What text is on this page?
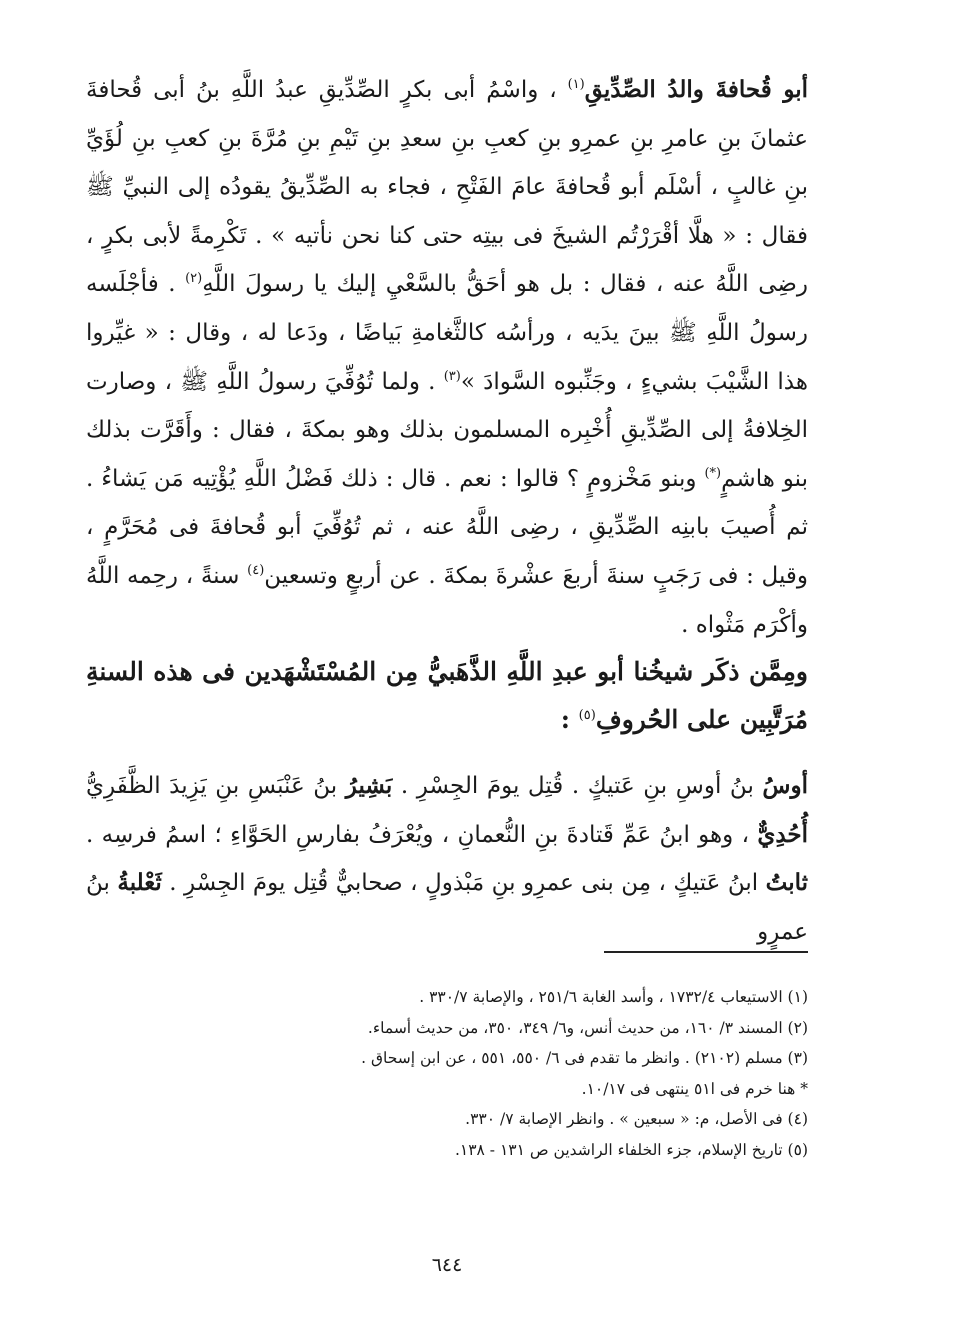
أبو قُحافةَ والدُ الصِّدِّيقِ$^{(١)}$ ، واسْمُ أبى بكرٍ الصِّدِّيقِ عبدُ اللَّهِ بنُ أبى قُحافةَ عثمانَ بنِ عامرِ بنِ عمرِو بنِ كعبِ بنِ سعدِ بنِ تَيْمِ بنِ مُرَّةَ بنِ كعبِ بنِ لُؤَيِّ بنِ غالبٍ ، أسْلَم أبو قُحافةَ عامَ الفَتْحِ ، فجاء به الصِّدِّيقُ يقودُه إلى النبيِّ ﷺ فقال : « هلَّا أقْرَرْتُم الشيخَ فى بيتِه حتى كنا نحن نأتيه » . تَكْرِمةً لأبى بكرٍ ، رضِى اللَّهُ عنه ، فقال : بل هو أحَقُّ بالسَّعْيِ إليك يا رسولَ اللَّهِ$^{(٢)}$ . فأجْلَسه رسولُ اللَّهِ ﷺ بينَ يدَيه ، ورأسُه كالثَّغامةِ بَياضًا ، ودَعا له ، وقال : « غيِّروا هذا الشَّيْبَ بشيءٍ ، وجَنِّبوه السَّوادَ »$^{(٣)}$ . ولما تُوُفِّيَ رسولُ اللَّهِ ﷺ ، وصارت الخِلافةُ إلى الصِّدِّيقِ أُخْبِره المسلمون بذلك وهو بمكةَ ، فقال : وأَقَرَّت بذلك بنو هاشمٍ(*) وبنو مَخْزومٍ ؟ قالوا : نعم . قال : ذلك فَضْلُ اللَّهِ يُؤْتِيه مَن يَشاءُ . ثم أُصيبَ بابنِه الصِّدِّيقِ ، رضِى اللَّهُ عنه ، ثم تُوُفِّيَ أبو قُحافةَ فى مُحَرَّمٍ ، وقيل : فى رَجَبٍ سنةَ أربعَ عشْرةَ بمكةَ . عن أربعٍ وتسعين$^{(٤)}$ سنةً ، رحِمه اللَّهُ وأكْرَم مَثْواه .

ومِمَّن ذكَر شيخُنا أبو عبدِ اللَّهِ الذَّهَبيُّ مِن المُسْتَشْهَدين فى هذه السنةِ مُرَتَّبِين على الحُروفِ$^{(٥)}$ :

أوسُ بنُ أوسِ بنِ عَتيكٍ . قُتِل يومَ الجِسْرِ . بَشِيرُ بنُ عَنْبَسِ بنِ يَزِيدَ الظَّفَرِيُّ أُحُدِيٌّ ، وهو ابنُ عَمِّ قَتادةَ بنِ النُّعمانِ ، ويُعْرَفُ بفارسِ الحَوَّاءِ ؛ اسمُ فرسِه . ثابتُ ابنُ عَتيكٍ ، مِن بنى عمرِو بنِ مَبْذولٍ ، صحابيٌّ قُتِل يومَ الجِسْرِ . ثَعْلبةُ بنُ عمرٍو

(١) الاستيعاب ١٧٣٢/٤ ، وأسد الغابة ٢٥١/٦ ، والإصابة ٣٣٠/٧ .

(٢) المسند ٣/ ١٦٠، من حديث أنس، و٦/ ٣٤٩، ٣٥٠، من حديث أسماء.

(٣) مسلم (٢١٠٢) . وانظر ما تقدم فى ٦/ ٥٥٠، ٥٥١ ، عن ابن إسحاق .

* هنا خرم فى ا٥١ ينتهى فى ١٠/١٧.

(٤) فى الأصل، م: « سبعين » . وانظر الإصابة ٧/ ٣٣٠.

(٥) تاريخ الإسلام، جزء الخلفاء الراشدين ص ١٣١ - ١٣٨.

٦٤٤
